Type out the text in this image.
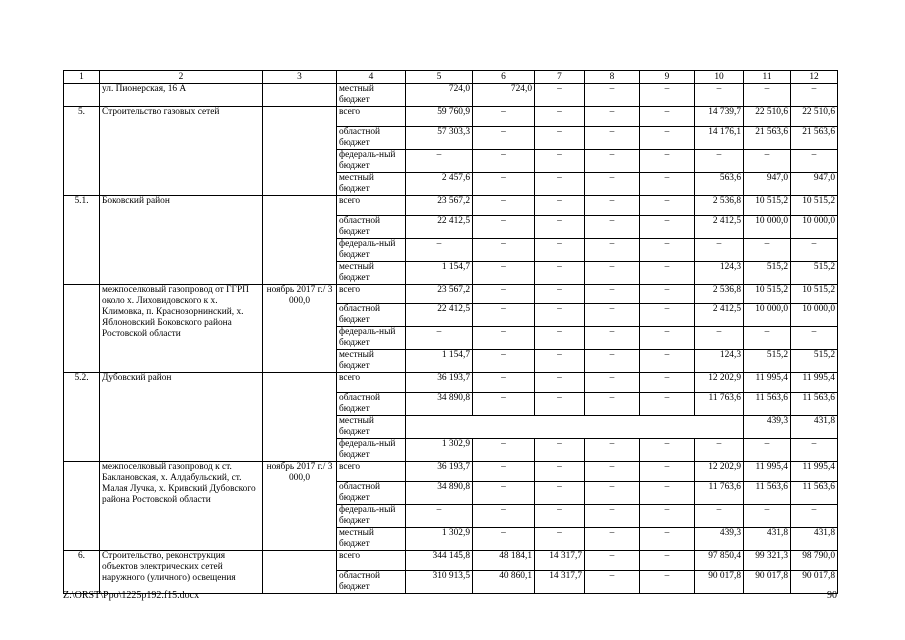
1	2	3	4	5	6	7	8	9	10	11	12	
	ул. Пионерская, 16 А		местный бюджет	724,0	724,0	–	–	–	–	–	–	
5.	Строительство газовых сетей		всего	59 760,9	–	–	–	–	14 739,7	22 510,6	22 510,6	
			областной бюджет	57 303,3	–	–	–	–	14 176,1	21 563,6	21 563,6	
			федераль-ный бюджет	–	–	–	–	–	–	–	–	
			местный бюджет	2 457,6	–	–	–	–	563,6	947,0	947,0	
5.1.	Боковский район		всего	23 567,2	–	–	–	–	2 536,8	10 515,2	10 515,2	
			областной бюджет	22 412,5	–	–	–	–	2 412,5	10 000,0	10 000,0	
			федераль-ный бюджет	–	–	–	–	–	–	–	–	
			местный бюджет	1 154,7	–	–	–	–	124,3	515,2	515,2	
	межпоселковый газопровод от ГГРП около х. Лиховидовского к х. Климовка, п. Краснозорнинский, х. Яблоновский Боковского района Ростовской области	ноябрь 2017 г./ 3 000,0	всего	23 567,2	–	–	–	–	2 536,8	10 515,2	10 515,2	
			областной бюджет	22 412,5	–	–	–	–	2 412,5	10 000,0	10 000,0	
			федераль-ный бюджет	–	–	–	–	–	–	–	–	
			местный бюджет	1 154,7	–	–	–	–	124,3	515,2	515,2	
5.2.	Дубовский район		всего	36 193,7	–	–	–	–	12 202,9	11 995,4	11 995,4	
			областной бюджет	34 890,8	–	–	–	–	11 763,6	11 563,6	11 563,6	
			местный бюджет							439,3	431,8	
			федераль-ный бюджет	1 302,9	–	–	–	–	–	–	–	
	межпоселковый газопровод к ст. Баклановская, х. Алдабульский, ст. Малая Лучка, х. Кривский Дубовского района Ростовской области	ноябрь 2017 г./ 3 000,0	всего	36 193,7	–	–	–	–	12 202,9	11 995,4	11 995,4	
			областной бюджет	34 890,8	–	–	–	–	11 763,6	11 563,6	11 563,6	
			федераль-ный бюджет	–	–	–	–	–	–	–	–	
			местный бюджет	1 302,9	–	–	–	–	439,3	431,8	431,8	
6.	Строительство, реконструкция объектов электрических сетей наружного (уличного) освещения		всего	344 145,8	48 184,1	14 317,7	–	–	97 850,4	99 321,3	98 790,0	
			областной бюджет	310 913,5	40 860,1	14 317,7	–	–	90 017,8	90 017,8	90 017,8	
Z:\ORST\Ppo\1225p192.f15.docx	90
